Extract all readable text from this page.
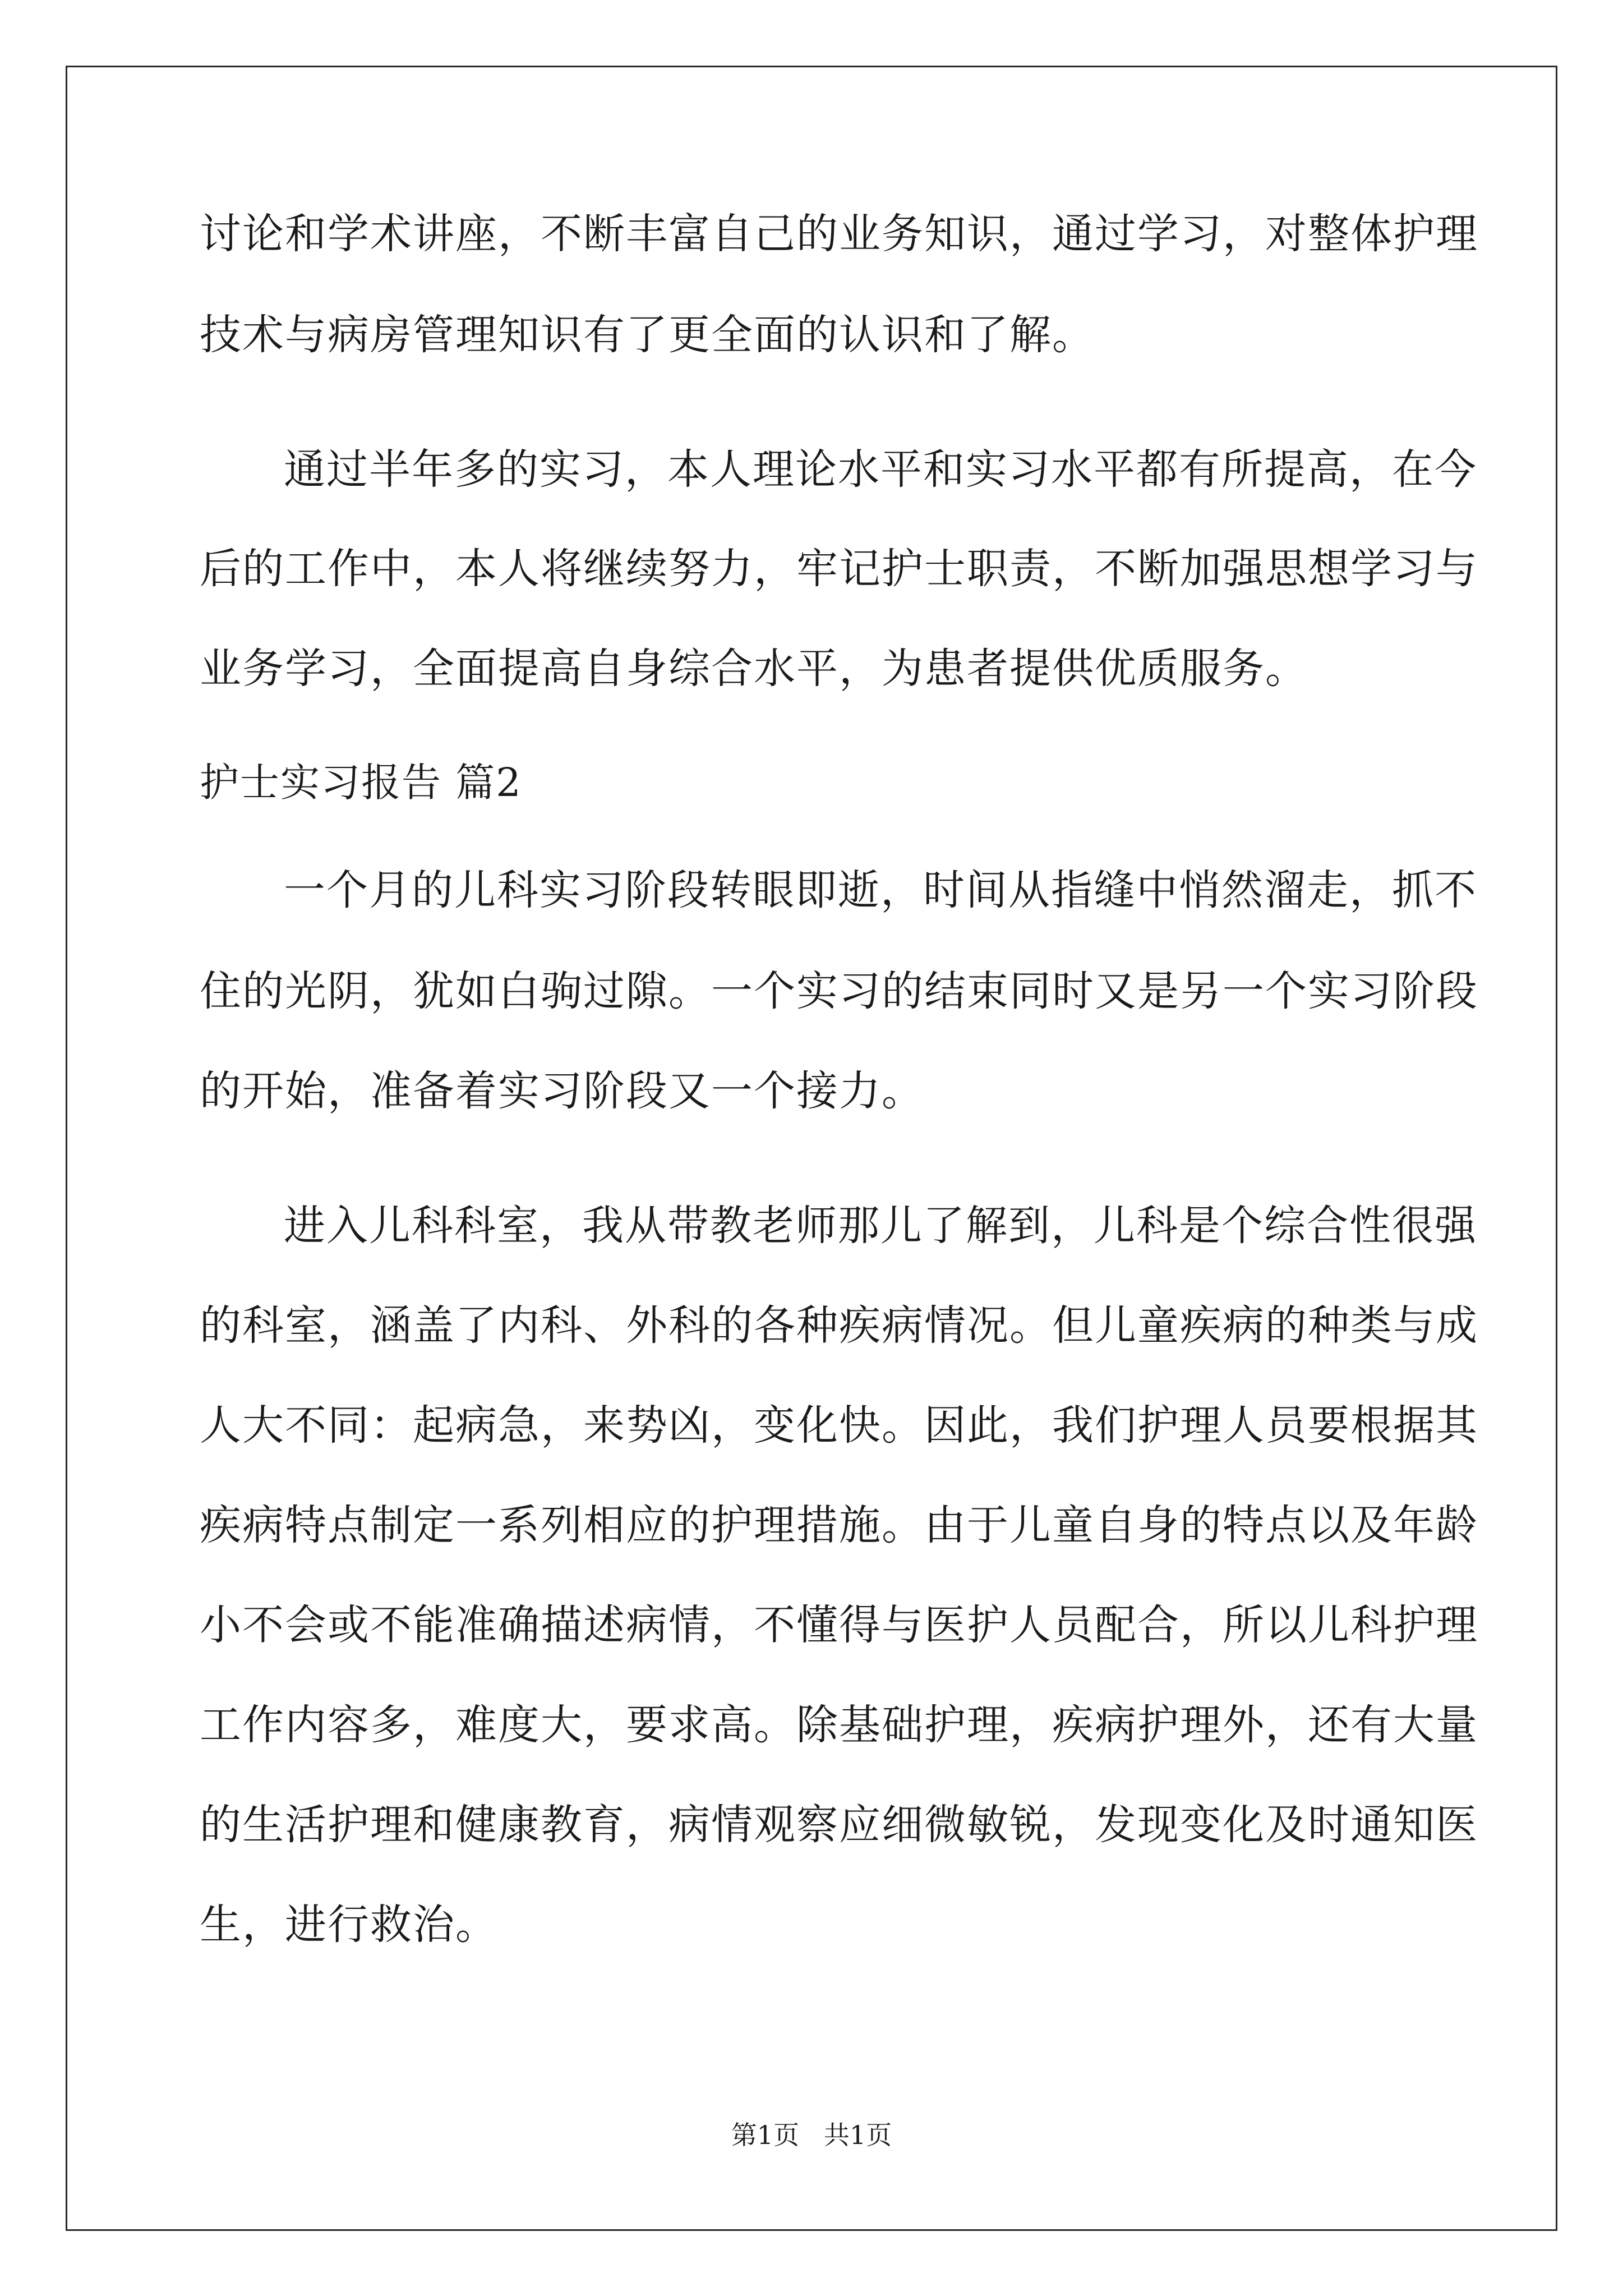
讨论和学术讲座，不断丰富自己的业务知识，通过学习，对整体护理
技术与病房管理知识有了更全面的认识和了解。
通过半年多的实习，本人理论水平和实习水平都有所提高，在今
后的工作中，本人将继续努力，牢记护士职责，不断加强思想学习与
业务学习，全面提高自身综合水平，为患者提供优质服务。
护士实习报告 篇2
一个月的儿科实习阶段转眼即逝，时间从指缝中悄然溜走，抓不
住的光阴，犹如白驹过隙。一个实习的结束同时又是另一个实习阶段
的开始，准备着实习阶段又一个接力。
进入儿科科室，我从带教老师那儿了解到，儿科是个综合性很强
的科室，涵盖了内科、外科的各种疾病情况。但儿童疾病的种类与成
人大不同：起病急，来势凶，变化快。因此，我们护理人员要根据其
疾病特点制定一系列相应的护理措施。由于儿童自身的特点以及年龄
小不会或不能准确描述病情，不懂得与医护人员配合，所以儿科护理
工作内容多，难度大，要求高。除基础护理，疾病护理外，还有大量
的生活护理和健康教育，病情观察应细微敏锐，发现变化及时通知医
生，进行救治。
第1页   共1页
